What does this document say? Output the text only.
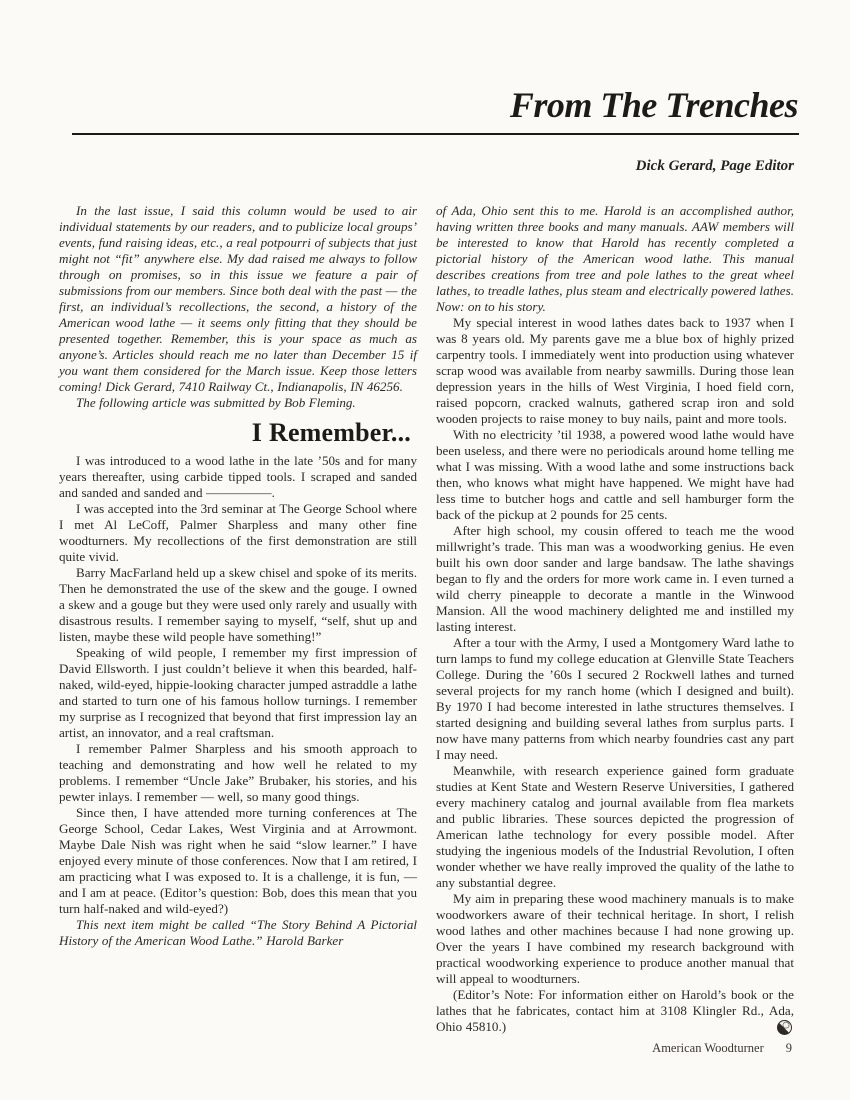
From The Trenches
Dick Gerard, Page Editor

In the last issue, I said this column would be used to air individual statements by our readers, and to publicize local groups’ events, fund raising ideas, etc., a real potpourri of subjects that just might not “fit” anywhere else. My dad raised me always to follow through on promises, so in this issue we feature a pair of submissions from our members. Since both deal with the past — the first, an individual’s recollections, the second, a history of the American wood lathe — it seems only fitting that they should be presented together. Remember, this is your space as much as anyone’s. Articles should reach me no later than December 15 if you want them considered for the March issue. Keep those letters coming! Dick Gerard, 7410 Railway Ct., Indianapolis, IN 46256.

The following article was submitted by Bob Fleming.

I Remember...

I was introduced to a wood lathe in the late ’50s and for many years thereafter, using carbide tipped tools. I scraped and sanded and sanded and sanded and —————.

I was accepted into the 3rd seminar at The George School where I met Al LeCoff, Palmer Sharpless and many other fine woodturners. My recollections of the first demonstration are still quite vivid.

Barry MacFarland held up a skew chisel and spoke of its merits. Then he demonstrated the use of the skew and the gouge. I owned a skew and a gouge but they were used only rarely and usually with disastrous results. I remember saying to myself, “self, shut up and listen, maybe these wild people have something!”

Speaking of wild people, I remember my first impression of David Ellsworth. I just couldn’t believe it when this bearded, half-naked, wild-eyed, hippie-looking character jumped astraddle a lathe and started to turn one of his famous hollow turnings. I remember my surprise as I recognized that beyond that first impression lay an artist, an innovator, and a real craftsman.

I remember Palmer Sharpless and his smooth approach to teaching and demonstrating and how well he related to my problems. I remember “Uncle Jake” Brubaker, his stories, and his pewter inlays. I remember — well, so many good things.

Since then, I have attended more turning conferences at The George School, Cedar Lakes, West Virginia and at Arrowmont. Maybe Dale Nish was right when he said “slow learner.” I have enjoyed every minute of those conferences. Now that I am retired, I am practicing what I was exposed to. It is a challenge, it is fun, — and I am at peace. (Editor’s question: Bob, does this mean that you turn half-naked and wild-eyed?)

This next item might be called “The Story Behind A Pictorial History of the American Wood Lathe.” Harold Barker

of Ada, Ohio sent this to me. Harold is an accomplished author, having written three books and many manuals. AAW members will be interested to know that Harold has recently completed a pictorial history of the American wood lathe. This manual describes creations from tree and pole lathes to the great wheel lathes, to treadle lathes, plus steam and electrically powered lathes. Now: on to his story.

My special interest in wood lathes dates back to 1937 when I was 8 years old. My parents gave me a blue box of highly prized carpentry tools. I immediately went into production using whatever scrap wood was available from nearby sawmills. During those lean depression years in the hills of West Virginia, I hoed field corn, raised popcorn, cracked walnuts, gathered scrap iron and sold wooden projects to raise money to buy nails, paint and more tools.

With no electricity ’til 1938, a powered wood lathe would have been useless, and there were no periodicals around home telling me what I was missing. With a wood lathe and some instructions back then, who knows what might have happened. We might have had less time to butcher hogs and cattle and sell hamburger form the back of the pickup at 2 pounds for 25 cents.

After high school, my cousin offered to teach me the wood millwright’s trade. This man was a woodworking genius. He even built his own door sander and large bandsaw. The lathe shavings began to fly and the orders for more work came in. I even turned a wild cherry pineapple to decorate a mantle in the Winwood Mansion. All the wood machinery delighted me and instilled my lasting interest.

After a tour with the Army, I used a Montgomery Ward lathe to turn lamps to fund my college education at Glenville State Teachers College. During the ’60s I secured 2 Rockwell lathes and turned several projects for my ranch home (which I designed and built). By 1970 I had become interested in lathe structures themselves. I started designing and building several lathes from surplus parts. I now have many patterns from which nearby foundries cast any part I may need.

Meanwhile, with research experience gained form graduate studies at Kent State and Western Reserve Universities, I gathered every machinery catalog and journal available from flea markets and public libraries. These sources depicted the progression of American lathe technology for every possible model. After studying the ingenious models of the Industrial Revolution, I often wonder whether we have really improved the quality of the lathe to any substantial degree.

My aim in preparing these wood machinery manuals is to make woodworkers aware of their technical heritage. In short, I relish wood lathes and other machines because I had none growing up. Over the years I have combined my research background with practical woodworking experience to produce another manual that will appeal to woodturners.

(Editor’s Note: For information either on Harold’s book or the lathes that he fabricates, contact him at 3108 Klingler Rd., Ada, Ohio 45810.)

American Woodturner 9
